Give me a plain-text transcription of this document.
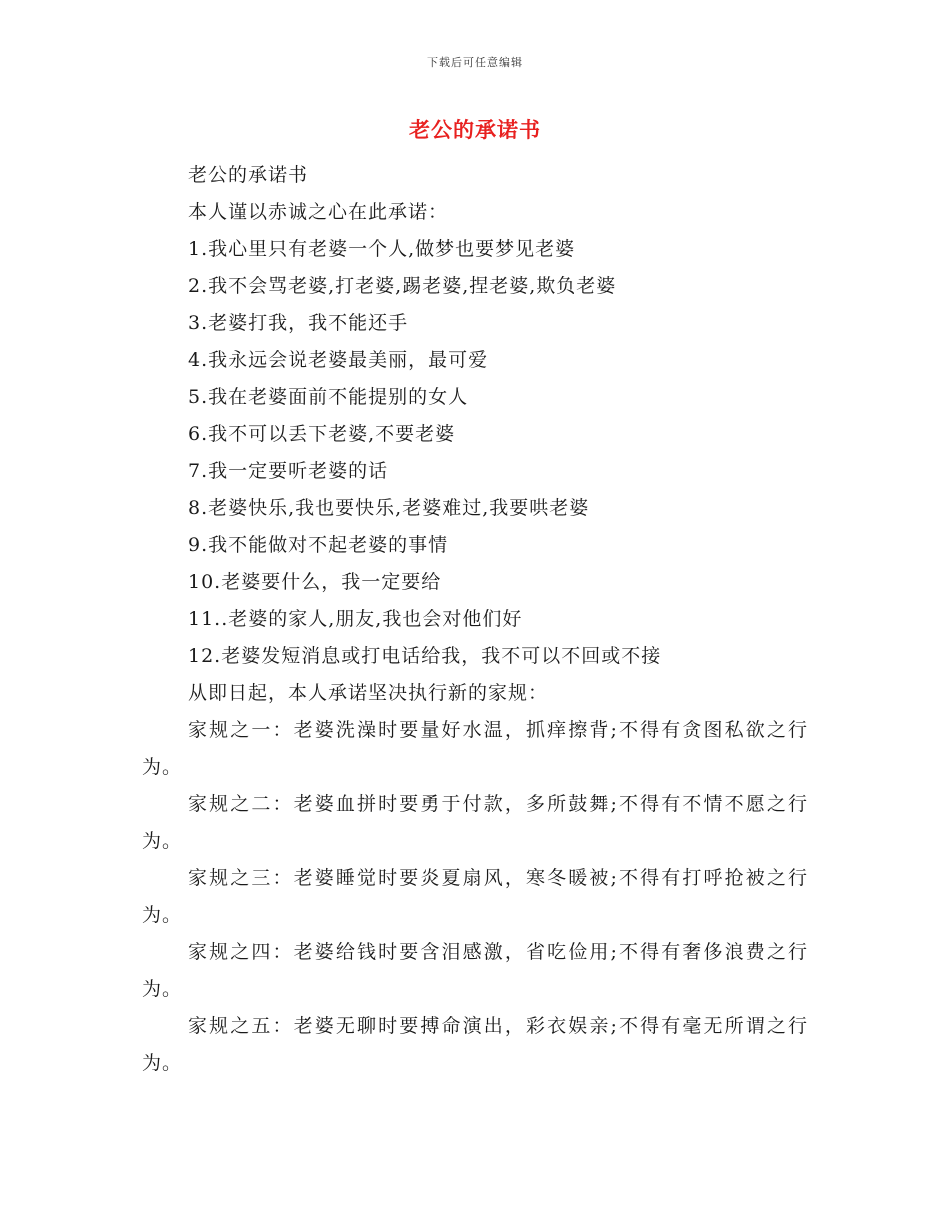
下载后可任意编辑
老公的承诺书
老公的承诺书
本人谨以赤诚之心在此承诺：
1.我心里只有老婆一个人,做梦也要梦见老婆
2.我不会骂老婆,打老婆,踢老婆,捏老婆,欺负老婆
3.老婆打我，我不能还手
4.我永远会说老婆最美丽，最可爱
5.我在老婆面前不能提别的女人
6.我不可以丢下老婆,不要老婆
7.我一定要听老婆的话
8.老婆快乐,我也要快乐,老婆难过,我要哄老婆
9.我不能做对不起老婆的事情
10.老婆要什么，我一定要给
11..老婆的家人,朋友,我也会对他们好
12.老婆发短消息或打电话给我，我不可以不回或不接
从即日起，本人承诺坚决执行新的家规：
家规之一：老婆洗澡时要量好水温，抓痒擦背;不得有贪图私欲之行为。
家规之二：老婆血拼时要勇于付款，多所鼓舞;不得有不情不愿之行为。
家规之三：老婆睡觉时要炎夏扇风，寒冬暖被;不得有打呼抢被之行为。
家规之四：老婆给钱时要含泪感激，省吃俭用;不得有奢侈浪费之行为。
家规之五：老婆无聊时要搏命演出，彩衣娱亲;不得有毫无所谓之行为。
